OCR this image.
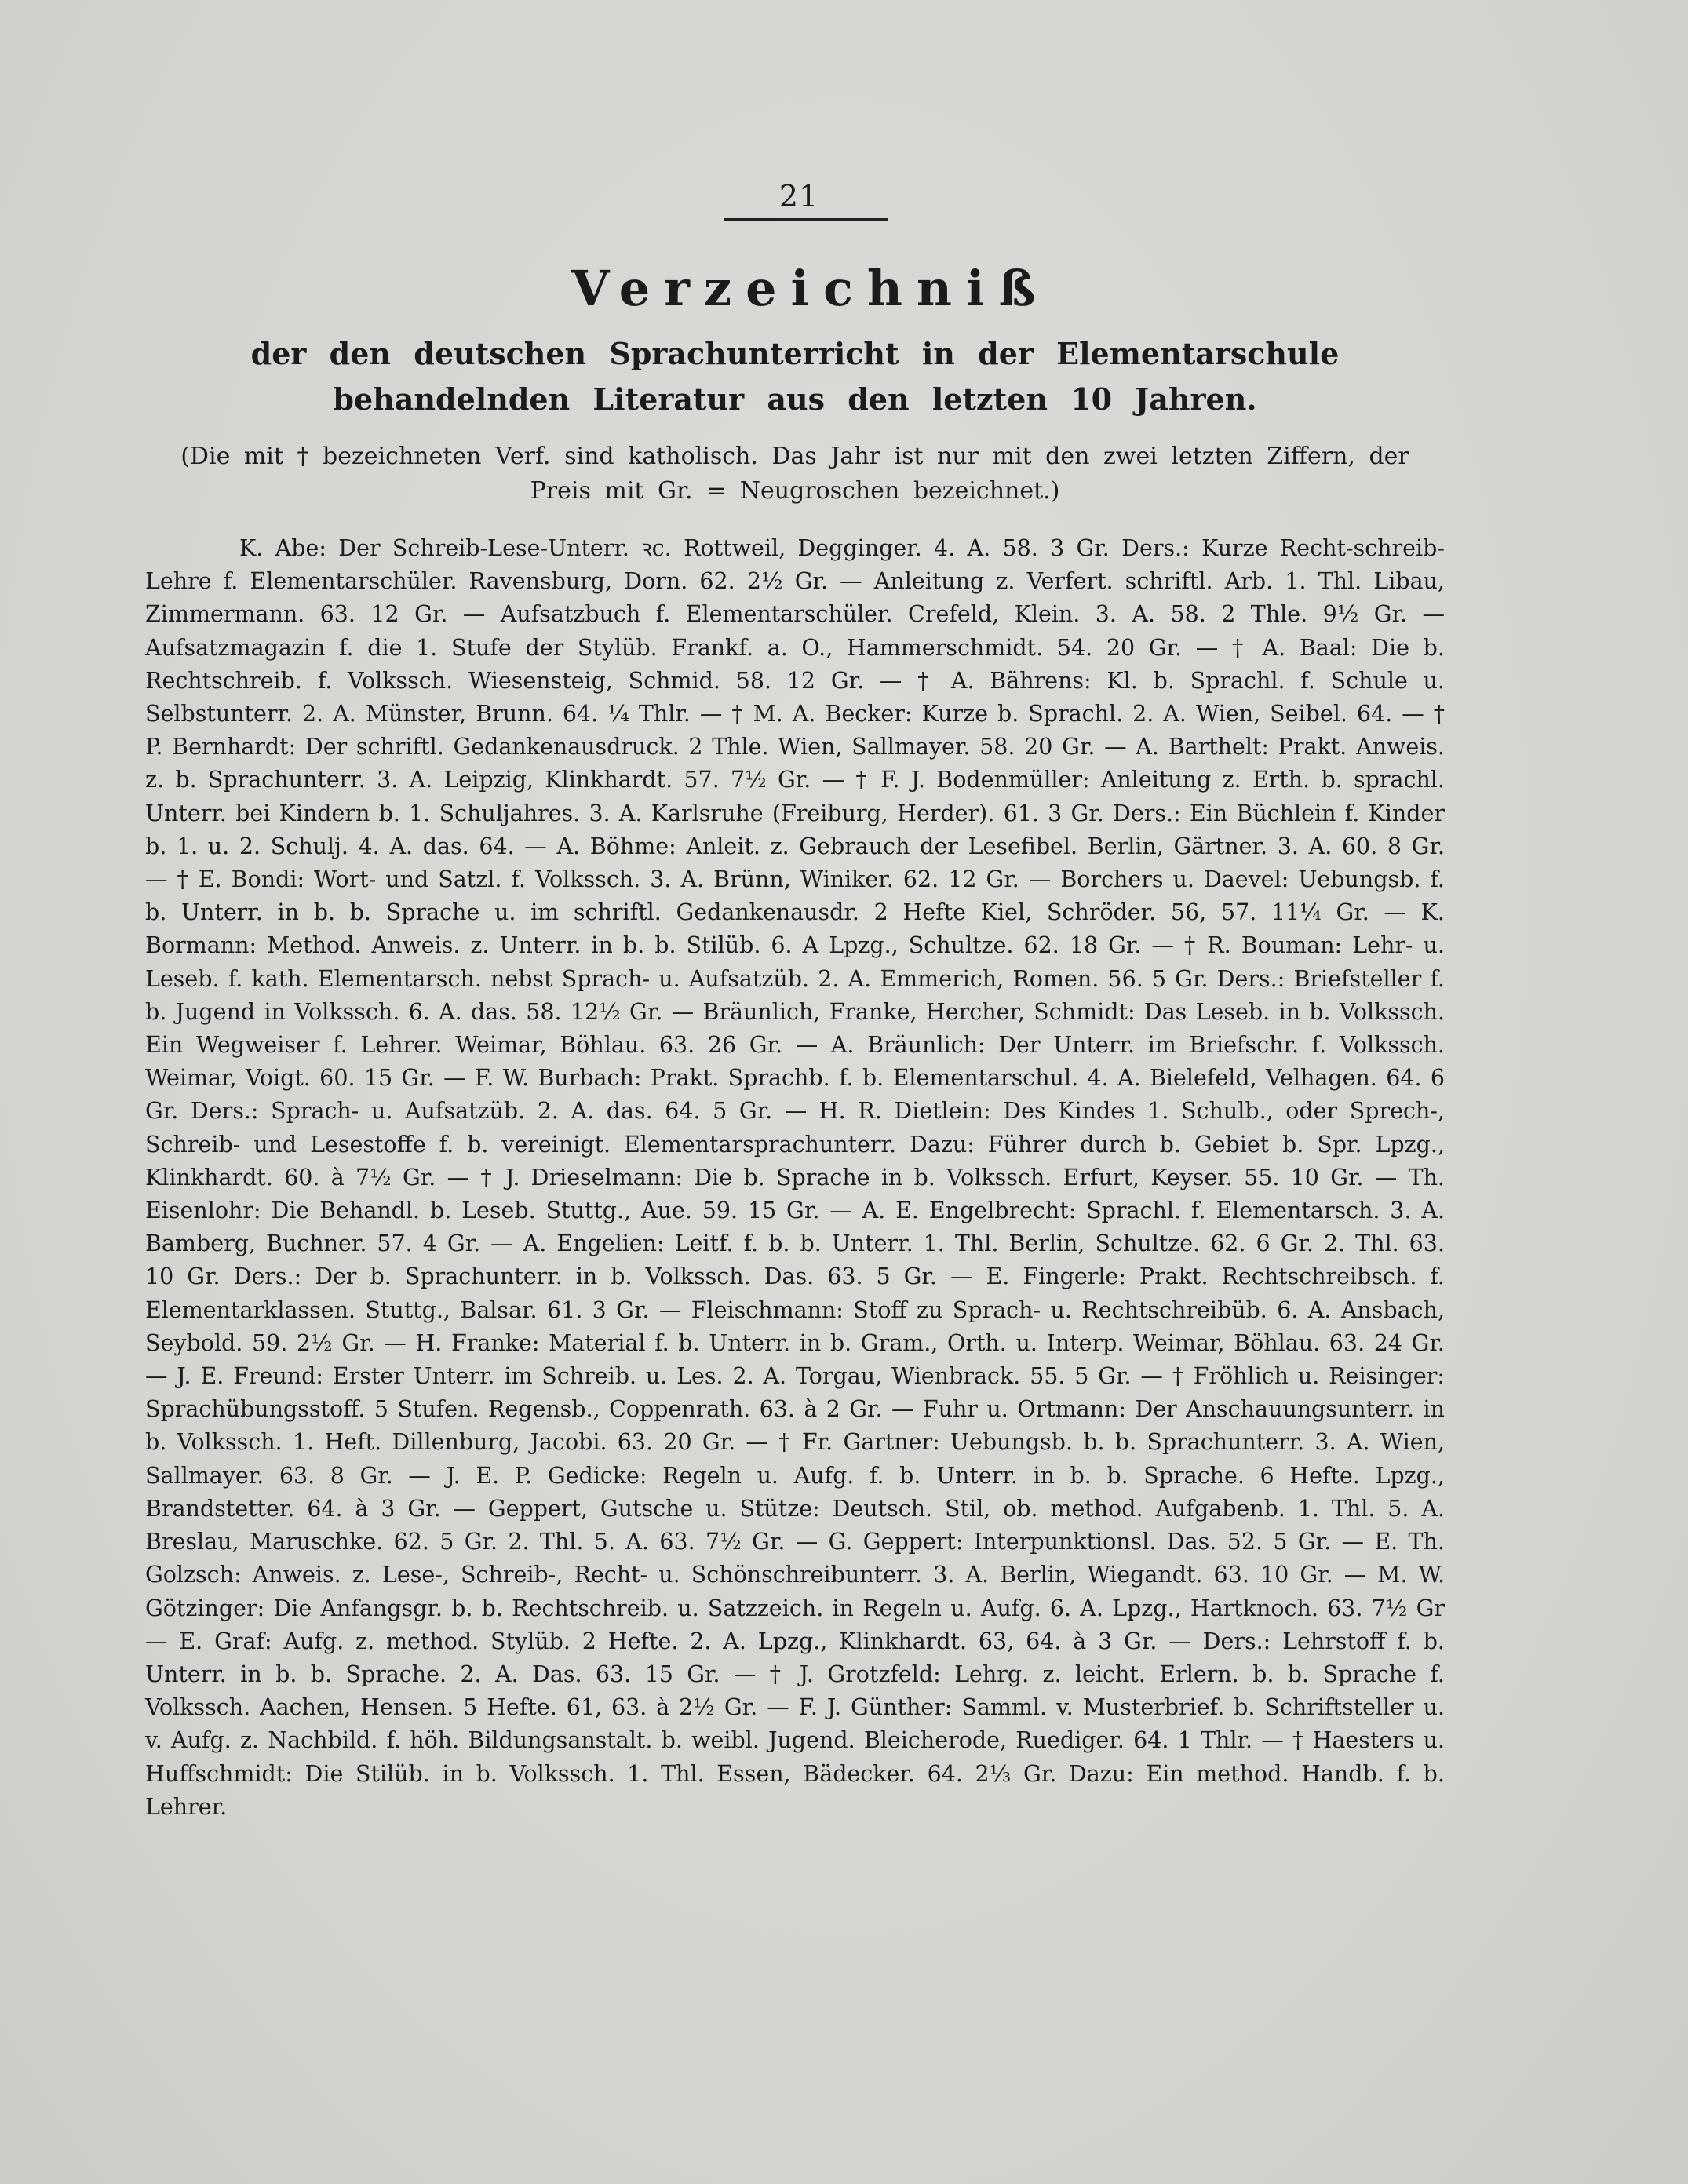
21
Verzeichniß
der den deutschen Sprachunterricht in der Elementarschule behandelnden Literatur aus den letzten 10 Jahren.
(Die mit † bezeichneten Verf. sind katholisch. Das Jahr ist nur mit den zwei letzten Ziffern, der Preis mit Gr. = Neugroschen bezeichnet.)
K. Abe: Der Schreib-Lese-Unterr. ꝛc. Rottweil, Degginger. 4. A. 58. 3 Gr. Ders.: Kurze Recht-schreib-Lehre f. Elementarschüler. Ravensburg, Dorn. 62. 2½ Gr. — Anleitung z. Verfert. schriftl. Arb. 1. Thl. Libau, Zimmermann. 63. 12 Gr. — Aufsatzbuch f. Elementarschüler. Crefeld, Klein. 3. A. 58. 2 Thle. 9½ Gr. — Aufsatzmagazin f. die 1. Stufe der Stylüb. Frankf. a. O., Hammerschmidt. 54. 20 Gr. — † A. Baal: Die b. Rechtschreib. f. Volkssch. Wiesensteig, Schmid. 58. 12 Gr. — † A. Bährens: Kl. b. Sprachl. f. Schule u. Selbstunterr. 2. A. Münster, Brunn. 64. ¼ Thlr. — † M. A. Becker: Kurze b. Sprachl. 2. A. Wien, Seibel. 64. — † P. Bernhardt: Der schriftl. Gedankenausdruck. 2 Thle. Wien, Sallmayer. 58. 20 Gr. — A. Barthelt: Prakt. Anweis. z. b. Sprachunterr. 3. A. Leipzig, Klinkhardt. 57. 7½ Gr. — † F. J. Bodenmüller: Anleitung z. Erth. b. sprachl. Unterr. bei Kindern b. 1. Schuljahres. 3. A. Karlsruhe (Freiburg, Herder). 61. 3 Gr. Ders.: Ein Büchlein f. Kinder b. 1. u. 2. Schulj. 4. A. das. 64. — A. Böhme: Anleit. z. Gebrauch der Lesefibel. Berlin, Gärtner. 3. A. 60. 8 Gr. — † E. Bondi: Wort- und Satzl. f. Volkssch. 3. A. Brünn, Winiker. 62. 12 Gr. — Borchers u. Daevel: Uebungsb. f. b. Unterr. in b. b. Sprache u. im schriftl. Gedankenausdr. 2 Hefte Kiel, Schröder. 56, 57. 11¼ Gr. — K. Bormann: Method. Anweis. z. Unterr. in b. b. Stilüb. 6. A Lpzg., Schultze. 62. 18 Gr. — † R. Bouman: Lehr- u. Leseb. f. kath. Elementarsch. nebst Sprach- u. Aufsatzüb. 2. A. Emmerich, Romen. 56. 5 Gr. Ders.: Briefsteller f. b. Jugend in Volkssch. 6. A. das. 58. 12½ Gr. — Bräunlich, Franke, Hercher, Schmidt: Das Leseb. in b. Volkssch. Ein Wegweiser f. Lehrer. Weimar, Böhlau. 63. 26 Gr. — A. Bräunlich: Der Unterr. im Briefschr. f. Volkssch. Weimar, Voigt. 60. 15 Gr. — F. W. Burbach: Prakt. Sprachb. f. b. Elementarschul. 4. A. Bielefeld, Velhagen. 64. 6 Gr. Ders.: Sprach- u. Aufsatzüb. 2. A. das. 64. 5 Gr. — H. R. Dietlein: Des Kindes 1. Schulb., oder Sprech-, Schreib- und Lesestoffe f. b. vereinigt. Elementarsprachunterr. Dazu: Führer durch b. Gebiet b. Spr. Lpzg., Klinkhardt. 60. à 7½ Gr. — † J. Drieselmann: Die b. Sprache in b. Volkssch. Erfurt, Keyser. 55. 10 Gr. — Th. Eisenlohr: Die Behandl. b. Leseb. Stuttg., Aue. 59. 15 Gr. — A. E. Engelbrecht: Sprachl. f. Elementarsch. 3. A. Bamberg, Buchner. 57. 4 Gr. — A. Engelien: Leitf. f. b. b. Unterr. 1. Thl. Berlin, Schultze. 62. 6 Gr. 2. Thl. 63. 10 Gr. Ders.: Der b. Sprachunterr. in b. Volkssch. Das. 63. 5 Gr. — E. Fingerle: Prakt. Rechtschreibsch. f. Elementarklassen. Stuttg., Balsar. 61. 3 Gr. — Fleischmann: Stoff zu Sprach- u. Rechtschreibüb. 6. A. Ansbach, Seybold. 59. 2½ Gr. — H. Franke: Material f. b. Unterr. in b. Gram., Orth. u. Interp. Weimar, Böhlau. 63. 24 Gr. — J. E. Freund: Erster Unterr. im Schreib. u. Les. 2. A. Torgau, Wienbrack. 55. 5 Gr. — † Fröhlich u. Reisinger: Sprachübungsstoff. 5 Stufen. Regensb., Coppenrath. 63. à 2 Gr. — Fuhr u. Ortmann: Der Anschauungsunterr. in b. Volkssch. 1. Heft. Dillenburg, Jacobi. 63. 20 Gr. — † Fr. Gartner: Uebungsb. b. b. Sprachunterr. 3. A. Wien, Sallmayer. 63. 8 Gr. — J. E. P. Gedicke: Regeln u. Aufg. f. b. Unterr. in b. b. Sprache. 6 Hefte. Lpzg., Brandstetter. 64. à 3 Gr. — Geppert, Gutsche u. Stütze: Deutsch. Stil, ob. method. Aufgabenb. 1. Thl. 5. A. Breslau, Maruschke. 62. 5 Gr. 2. Thl. 5. A. 63. 7½ Gr. — G. Geppert: Interpunktionsl. Das. 52. 5 Gr. — E. Th. Golzsch: Anweis. z. Lese-, Schreib-, Recht- u. Schönschreibunterr. 3. A. Berlin, Wiegandt. 63. 10 Gr. — M. W. Götzinger: Die Anfangsgr. b. b. Rechtschreib. u. Satzzeich. in Regeln u. Aufg. 6. A. Lpzg., Hartknoch. 63. 7½ Gr — E. Graf: Aufg. z. method. Stylüb. 2 Hefte. 2. A. Lpzg., Klinkhardt. 63, 64. à 3 Gr. — Ders.: Lehrstoff f. b. Unterr. in b. b. Sprache. 2. A. Das. 63. 15 Gr. — † J. Grotzfeld: Lehrg. z. leicht. Erlern. b. b. Sprache f. Volkssch. Aachen, Hensen. 5 Hefte. 61, 63. à 2½ Gr. — F. J. Günther: Samml. v. Musterbrief. b. Schriftsteller u. v. Aufg. z. Nachbild. f. höh. Bildungsanstalt. b. weibl. Jugend. Bleicherode, Ruediger. 64. 1 Thlr. — † Haesters u. Huffschmidt: Die Stilüb. in b. Volkssch. 1. Thl. Essen, Bädecker. 64. 2⅓ Gr. Dazu: Ein method. Handb. f. b. Lehrer.
